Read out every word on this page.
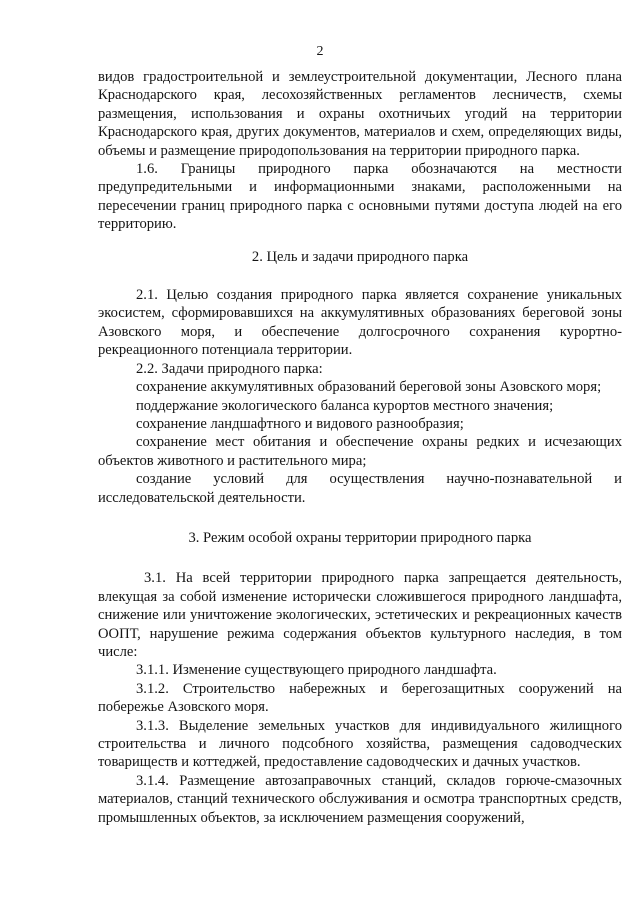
2

видов градостроительной и землеустроительной документации, Лесного плана Краснодарского края, лесохозяйственных регламентов лесничеств, схемы размещения, использования и охраны охотничьих угодий на территории Краснодарского края, других документов, материалов и схем, определяющих виды, объемы и размещение природопользования на территории природного парка.

1.6. Границы природного парка обозначаются на местности предупредительными и информационными знаками, расположенными на пересечении границ природного парка с основными путями доступа людей на его территорию.

2. Цель и задачи природного парка

2.1. Целью создания природного парка является сохранение уникальных экосистем, сформировавшихся на аккумулятивных образованиях береговой зоны Азовского моря, и обеспечение долгосрочного сохранения курортно-рекреационного потенциала территории.

2.2. Задачи природного парка:

сохранение аккумулятивных образований береговой зоны Азовского моря;

поддержание экологического баланса курортов местного значения;

сохранение ландшафтного и видового разнообразия;

сохранение мест обитания и обеспечение охраны редких и исчезающих объектов животного и растительного мира;

создание условий для осуществления научно-познавательной и исследовательской деятельности.

3. Режим особой охраны территории природного парка

3.1. На всей территории природного парка запрещается деятельность, влекущая за собой изменение исторически сложившегося природного ландшафта, снижение или уничтожение экологических, эстетических и рекреационных качеств ООПТ, нарушение режима содержания объектов культурного наследия, в том числе:

3.1.1. Изменение существующего природного ландшафта.

3.1.2. Строительство набережных и берегозащитных сооружений на побережье Азовского моря.

3.1.3. Выделение земельных участков для индивидуального жилищного строительства и личного подсобного хозяйства, размещения садоводческих товариществ и коттеджей, предоставление садоводческих и дачных участков.

3.1.4. Размещение автозаправочных станций, складов горюче-смазочных материалов, станций технического обслуживания и осмотра транспортных средств, промышленных объектов, за исключением размещения сооружений,
